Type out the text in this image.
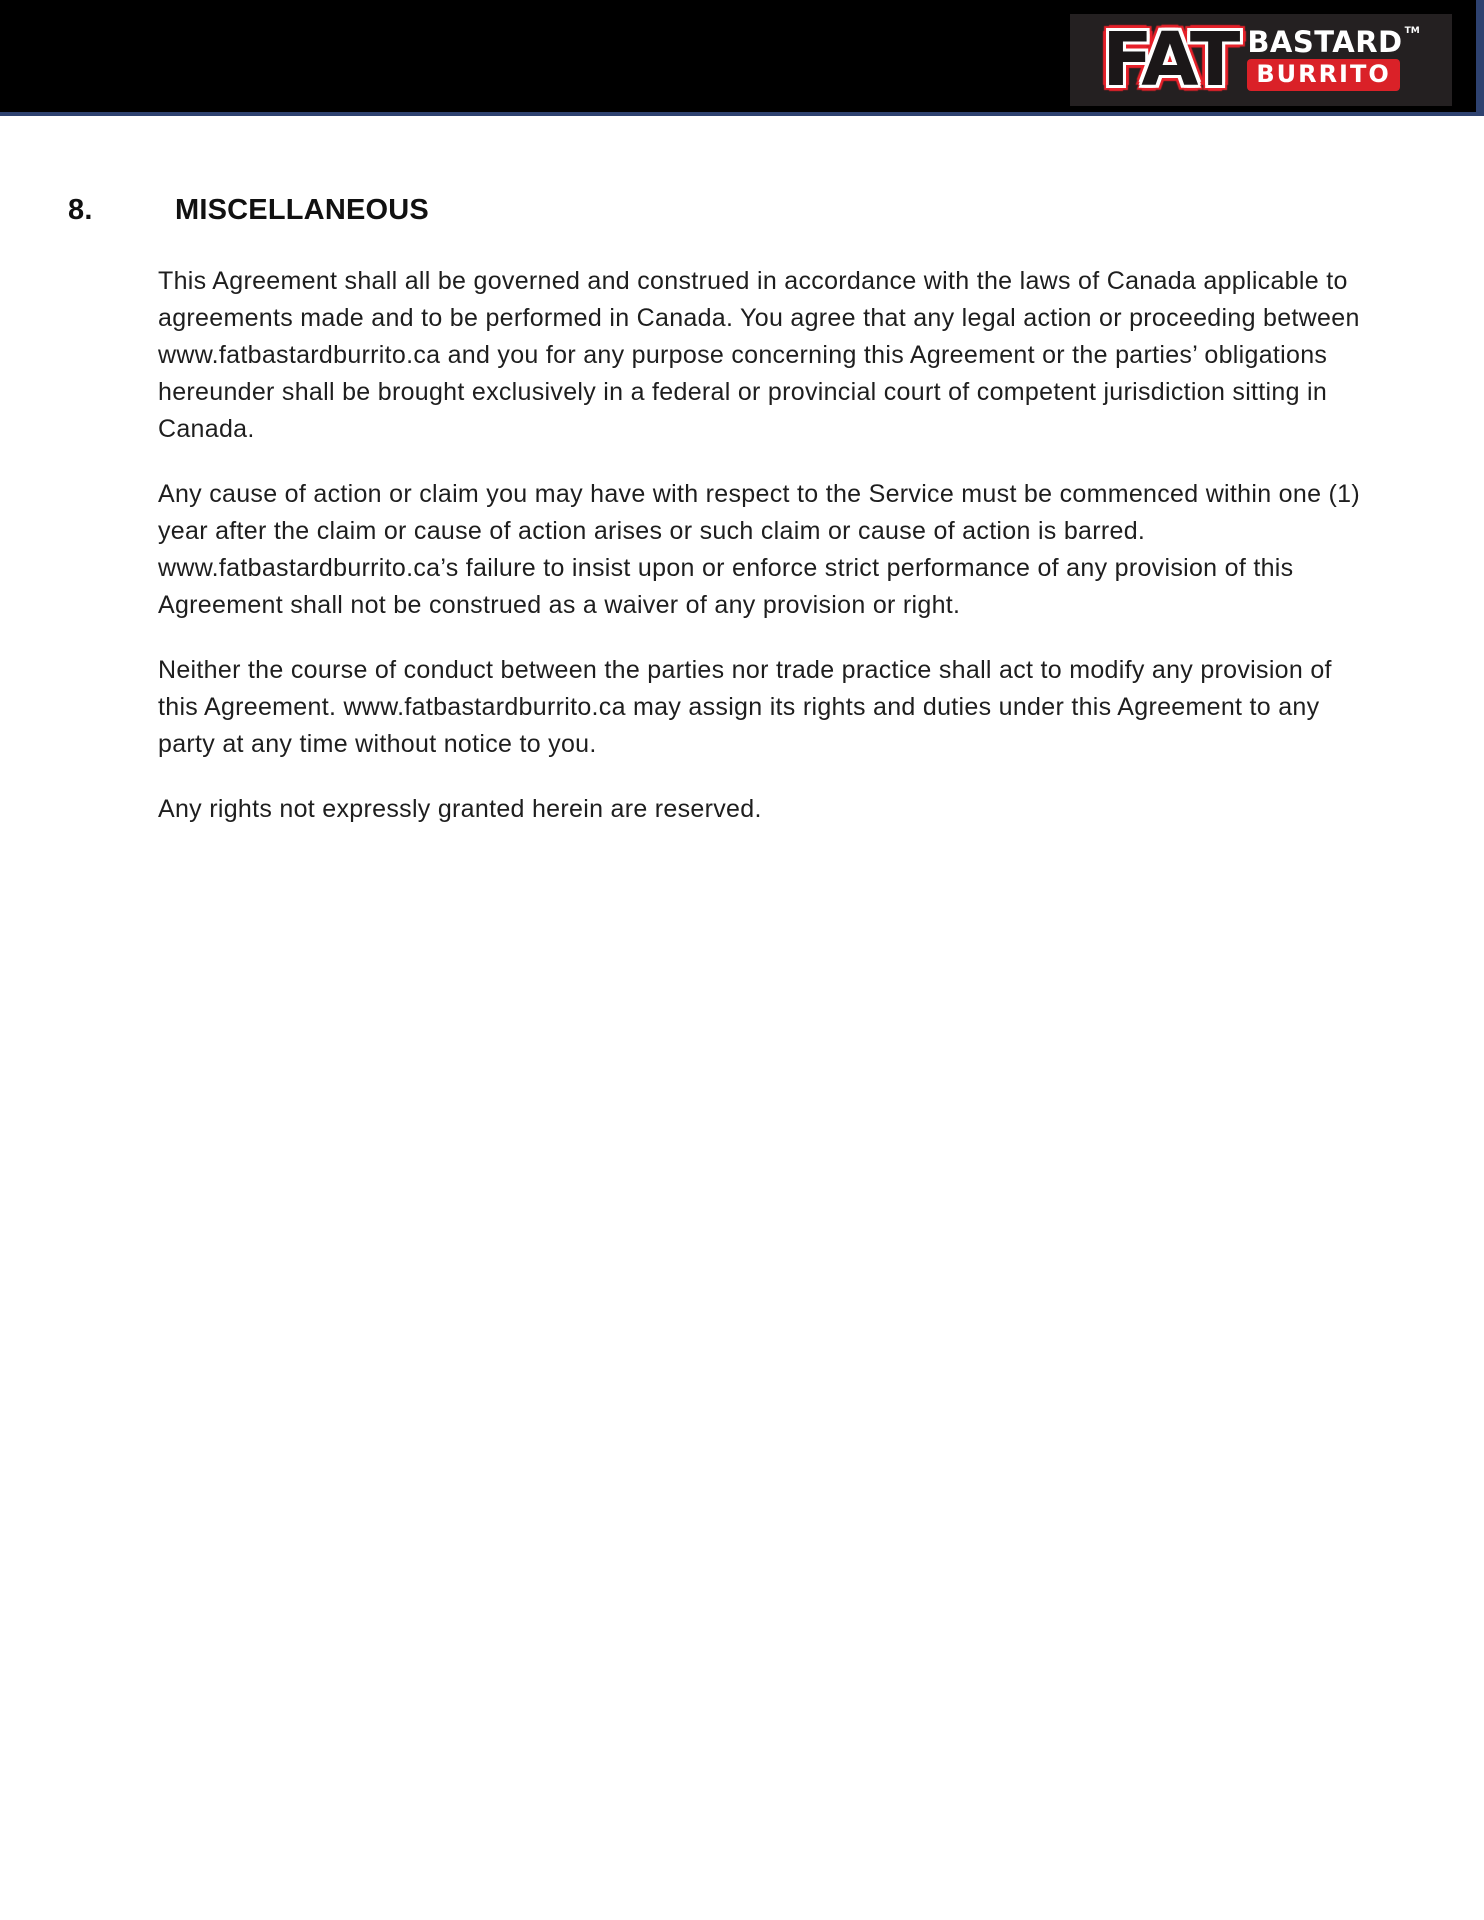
FAT BASTARD TM
BURRITO
8.	MISCELLANEOUS

This Agreement shall all be governed and construed in accordance with the laws of Canada applicable to agreements made and to be performed in Canada. You agree that any legal action or proceeding between www.fatbastardburrito.ca and you for any purpose concerning this Agreement or the parties’ obligations hereunder shall be brought exclusively in a federal or provincial court of competent jurisdiction sitting in Canada.

Any cause of action or claim you may have with respect to the Service must be commenced within one (1) year after the claim or cause of action arises or such claim or cause of action is barred. www.fatbastardburrito.ca’s failure to insist upon or enforce strict performance of any provision of this Agreement shall not be construed as a waiver of any provision or right.

Neither the course of conduct between the parties nor trade practice shall act to modify any provision of this Agreement. www.fatbastardburrito.ca may assign its rights and duties under this Agreement to any party at any time without notice to you.

Any rights not expressly granted herein are reserved.
